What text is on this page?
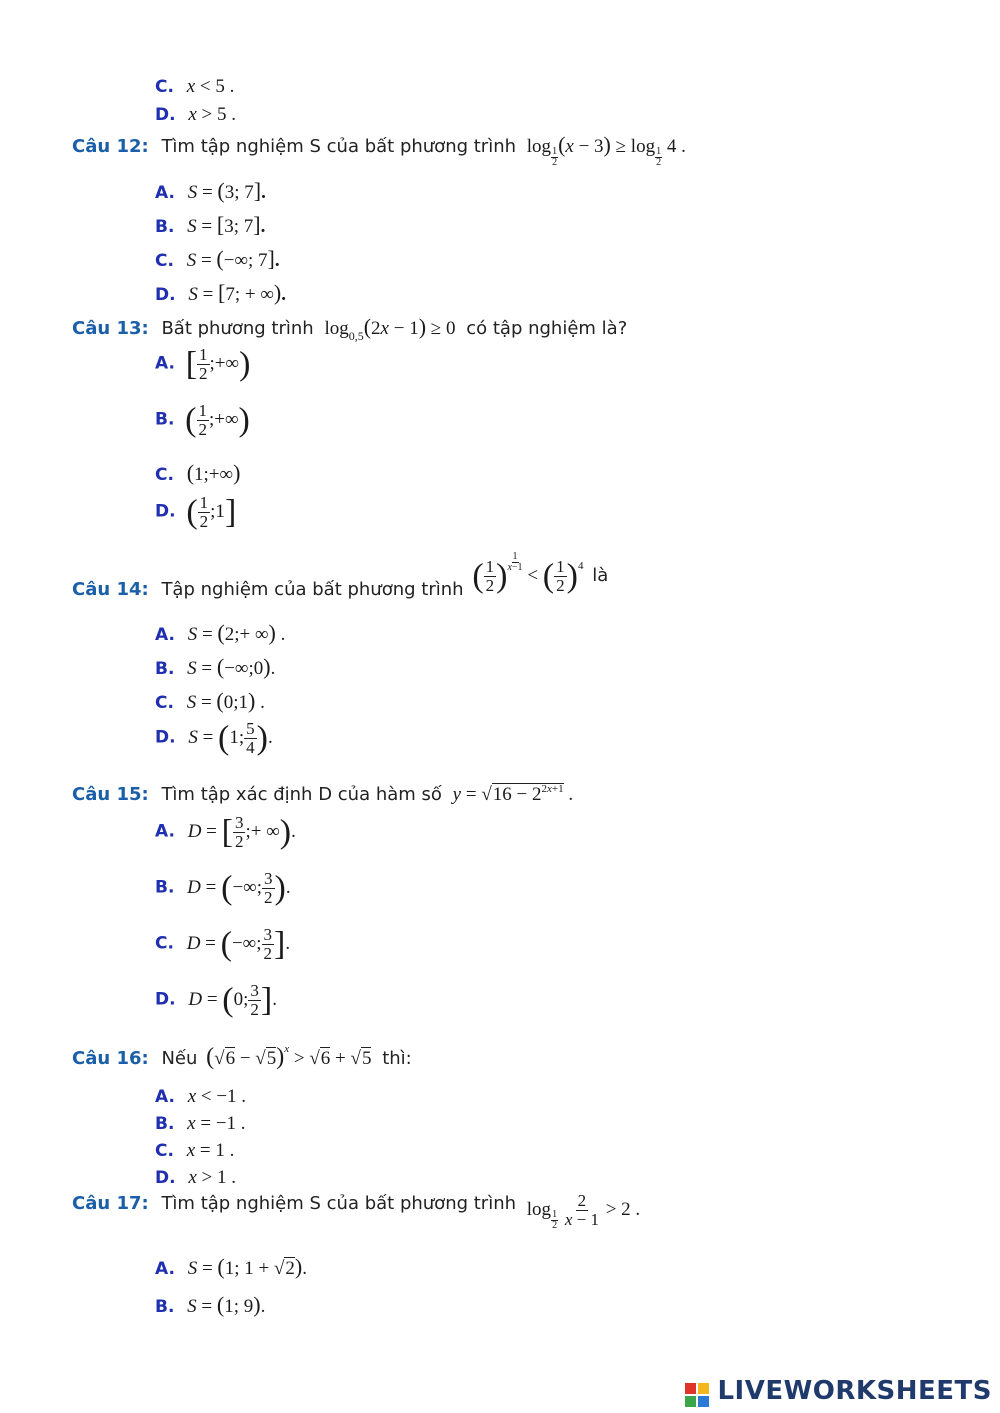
C. x < 5 .
D. x > 5 .
Câu 12: Tìm tập nghiệm S của bất phương trình log
$\frac{1}{2}$
(x − 3) ≥ log
$\frac{1}{2}$
4 .
A. S = (3; 7].
B. S = [3; 7].
C. S = (−∞; 7].
D. S = [7; + ∞).
Câu 13: Bất phương trình $\log_{0,5}(2x - 1) \ge 0$ có tập nghiệm là?
A. [ $\frac{1}{2}$ ;+∞)
B. ( $\frac{1}{2}$ ;+∞)
C. (1;+∞)
D. ( $\frac{1}{2}$ ;1]
Câu 14: Tập nghiệm của bất phương trình ( $\frac{1}{2}$ ) $\frac{1}{x-1}$
< ( $\frac{1}{2} )^4$ là
A. S = (2;+ ∞) .
B. S = (−∞;0).
C. S = (0;1) .
D. S = (1; $\frac{5}{4}$ ).
Câu 15: Tìm tập xác định D của hàm số $y = √16 - 2^{2x+1}$ .
A. D = [ $\frac{3}{2}$ ;+ ∞).
B. D = (−∞; $\frac{3}{2}$ ).
C. D = (−∞; $\frac{3}{2}$ ].
D. D = (0; $\frac{3}{2}$ ].
Câu 16: Nếu $(√6 - √5)^x > √6 + √5$ thì:
A. x < −1 .
B. x = −1 .
C. x = 1 .
D. x > 1 .
Câu 17: Tìm tập nghiệm S của bất phương trình log
$\frac{1}{2}$
$\frac{2}{x - 1} > 2$ .
A. S = (1; 1 + √2).
B. S = (1; 9).
LIVEWORKSHEETS
